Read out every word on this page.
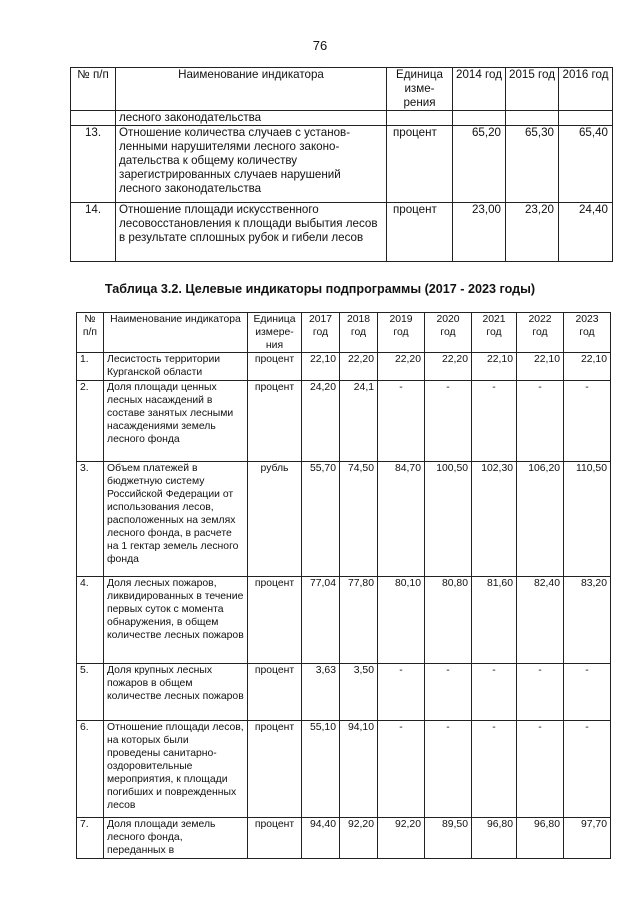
76
№ п/п	Наименование индикатора	Единица изме-рения	2014 год	2015 год	2016 год
	лесного законодательства				
13.	Отношение количества случаев с установ-ленными нарушителями лесного законо-дательства к общему количеству зарегистрированных случаев нарушений лесного законодательства	процент	65,20	65,30	65,40
14.	Отношение площади искусственного лесовосстановления к площади выбытия лесов в результате сплошных рубок и гибели лесов	процент	23,00	23,20	24,40
Таблица 3.2. Целевые индикаторы подпрограммы (2017 - 2023 годы)
№ п/п	Наименование индикатора	Единица измере-ния	2017 год	2018 год	2019 год	2020 год	2021 год	2022 год	2023 год
1.	Лесистость территории Курганской области	процент	22,10	22,20	22,20	22,20	22,10	22,10	22,10
2.	Доля площади ценных лесных насаждений в составе занятых лесными насаждениями земель лесного фонда	процент	24,20	24,1	-	-	-	-	-
3.	Объем платежей в бюджетную систему Российской Федерации от использования лесов, расположенных на землях лесного фонда, в расчете на 1 гектар земель лесного фонда	рубль	55,70	74,50	84,70	100,50	102,30	106,20	110,50
4.	Доля лесных пожаров, ликвидированных в течение первых суток с момента обнаружения, в общем количестве лесных пожаров	процент	77,04	77,80	80,10	80,80	81,60	82,40	83,20
5.	Доля крупных лесных пожаров в общем количестве лесных пожаров	процент	3,63	3,50	-	-	-	-	-
6.	Отношение площади лесов, на которых были проведены санитарно-оздоровительные мероприятия, к площади погибших и поврежденных лесов	процент	55,10	94,10	-	-	-	-	-
7.	Доля площади земель лесного фонда, переданных в	процент	94,40	92,20	92,20	89,50	96,80	96,80	97,70
